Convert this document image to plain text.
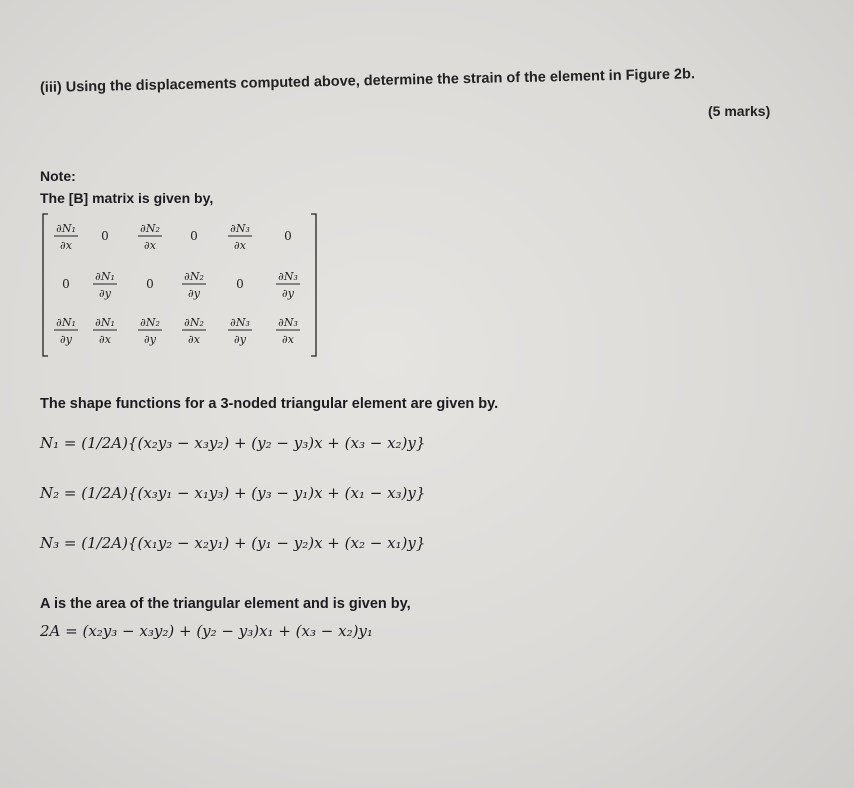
(iii) Using the displacements computed above, determine the strain of the element in Figure 2b.
(5 marks)
Note:
The [B] matrix is given by,
∂N₁
∂x
0
∂N₂
∂x
0
∂N₃
∂x
0
0
∂N₁
∂y
0
∂N₂
∂y
0
∂N₃
∂y
∂N₁
∂y
∂N₁
∂x
∂N₂
∂y
∂N₂
∂x
∂N₃
∂y
∂N₃
∂x
The shape functions for a 3-noded triangular element are given by.
N₁ = (1/2A){(x₂y₃ − x₃y₂) + (y₂ − y₃)x + (x₃ − x₂)y}
N₂ = (1/2A){(x₃y₁ − x₁y₃) + (y₃ − y₁)x + (x₁ − x₃)y}
N₃ = (1/2A){(x₁y₂ − x₂y₁) + (y₁ − y₂)x + (x₂ − x₁)y}
A is the area of the triangular element and is given by,
2A = (x₂y₃ − x₃y₂) + (y₂ − y₃)x₁ + (x₃ − x₂)y₁
